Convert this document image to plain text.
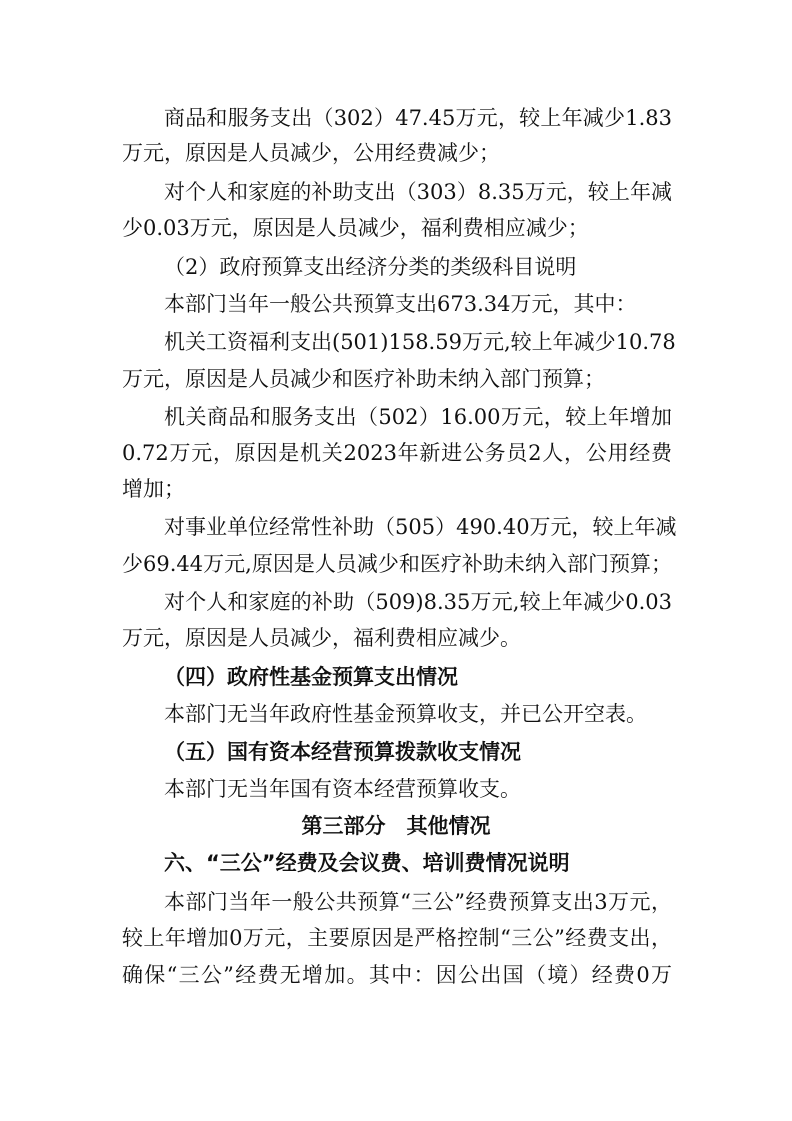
商品和服务支出（302）47.45万元，较上年减少1.83
万元，原因是人员减少，公用经费减少；
对个人和家庭的补助支出（303）8.35万元，较上年减
少0.03万元，原因是人员减少，福利费相应减少；
（2）政府预算支出经济分类的类级科目说明
本部门当年一般公共预算支出673.34万元，其中：
机关工资福利支出(501)158.59万元,较上年减少10.78
万元，原因是人员减少和医疗补助未纳入部门预算；
机关商品和服务支出（502）16.00万元，较上年增加
0.72万元，原因是机关2023年新进公务员2人，公用经费
增加；
对事业单位经常性补助（505）490.40万元，较上年减
少69.44万元,原因是人员减少和医疗补助未纳入部门预算；
对个人和家庭的补助（509)8.35万元,较上年减少0.03
万元，原因是人员减少，福利费相应减少。
（四）政府性基金预算支出情况
本部门无当年政府性基金预算收支，并已公开空表。
（五）国有资本经营预算拨款收支情况
本部门无当年国有资本经营预算收支。
第三部分　其他情况
六、“三公”经费及会议费、培训费情况说明
本部门当年一般公共预算“三公”经费预算支出3万元，
较上年增加0万元，主要原因是严格控制“三公”经费支出，
确保“三公”经费无增加。其中：因公出国（境）经费0万
